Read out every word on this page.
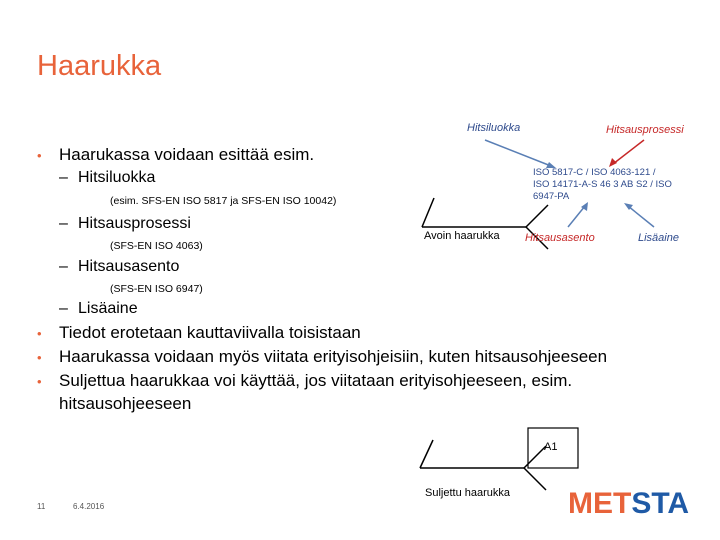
Haarukka
Hitsiluokka	Hitsausprosessi
ISO 5817-C / ISO 4063-121 / ISO 14171-A-S 46 3 AB S2 / ISO 6947-PA
Avoin haarukka Hitsausasento	Lisäaine
A1
Suljettu haarukka
• Haarukassa voidaan esittää esim.
– Hitsiluokka
(esim. SFS-EN ISO 5817 ja SFS-EN ISO 10042)
– Hitsausprosessi
(SFS-EN ISO 4063)
– Hitsausasento
(SFS-EN ISO 6947)
– Lisäaine
• Tiedot erotetaan kauttaviivalla toisistaan
• Haarukassa voidaan myös viitata erityisohjeisiin, kuten hitsausohjeeseen
• Suljettua haarukkaa voi käyttää, jos viitataan erityisohjeeseen, esim.
hitsausohjeeseen
11	6.4.2016	METSTA
